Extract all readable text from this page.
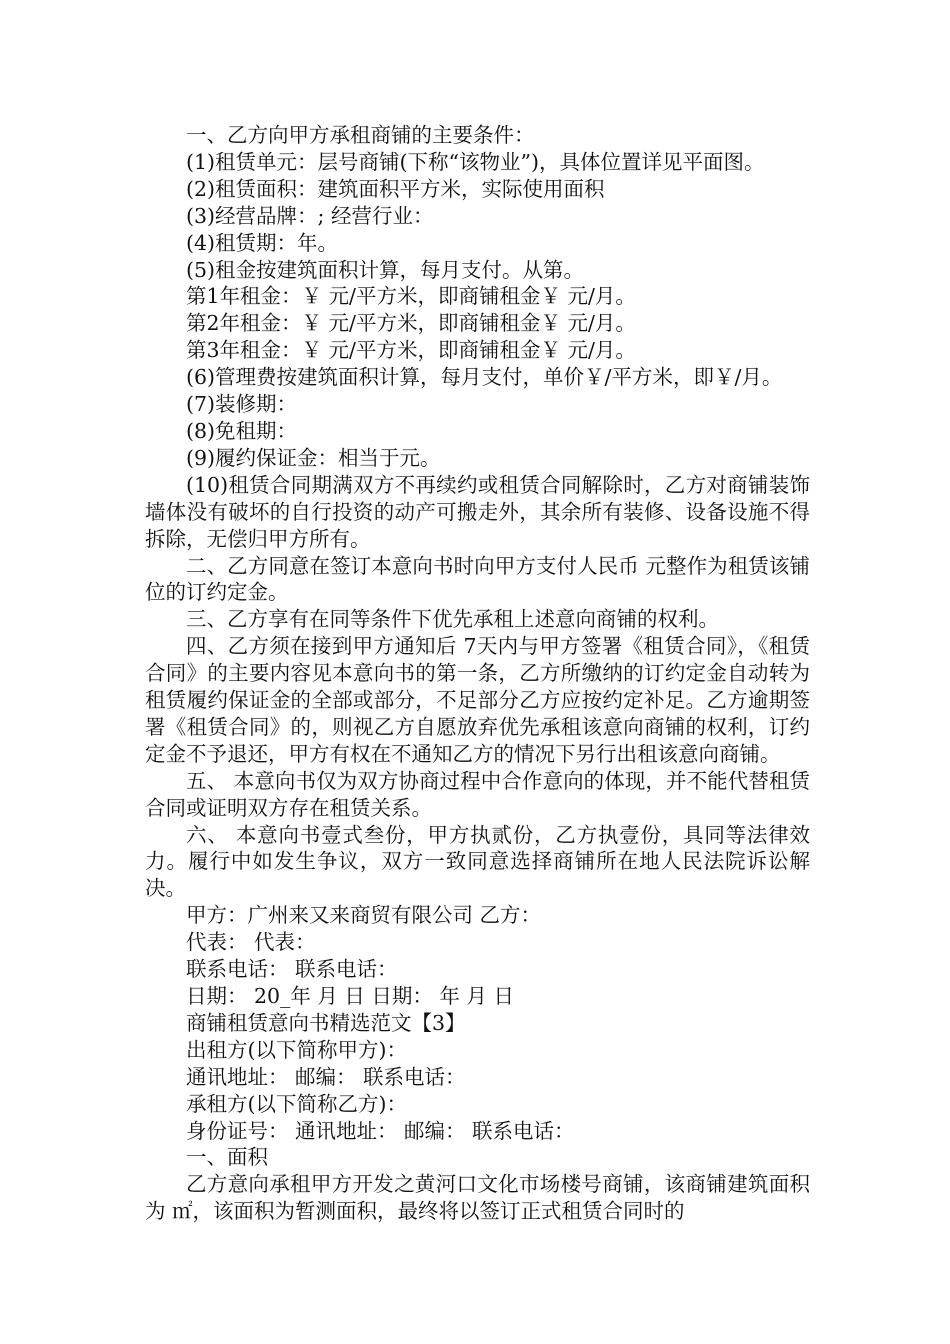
一、乙方向甲方承租商铺的主要条件：

(1)租赁单元：层号商铺(下称“该物业”)，具体位置详见平面图。

(2)租赁面积：建筑面积平方米，实际使用面积

(3)经营品牌：; 经营行业：

(4)租赁期：年。

(5)租金按建筑面积计算，每月支付。从第。

第1年租金：￥ 元/平方米，即商铺租金￥ 元/月。

第2年租金：￥ 元/平方米，即商铺租金￥ 元/月。

第3年租金：￥ 元/平方米，即商铺租金￥ 元/月。

(6)管理费按建筑面积计算，每月支付，单价￥/平方米，即￥/月。

(7)装修期：

(8)免租期：

(9)履约保证金：相当于元。

(10)租赁合同期满双方不再续约或租赁合同解除时，乙方对商铺装饰墙体没有破坏的自行投资的动产可搬走外，其余所有装修、设备设施不得拆除，无偿归甲方所有。

二、乙方同意在签订本意向书时向甲方支付人民币 元整作为租赁该铺位的订约定金。

三、乙方享有在同等条件下优先承租上述意向商铺的权利。

四、乙方须在接到甲方通知后 7天内与甲方签署《租赁合同》，《租赁合同》的主要内容见本意向书的第一条，乙方所缴纳的订约定金自动转为租赁履约保证金的全部或部分，不足部分乙方应按约定补足。乙方逾期签署《租赁合同》的，则视乙方自愿放弃优先承租该意向商铺的权利，订约定金不予退还，甲方有权在不通知乙方的情况下另行出租该意向商铺。

五、 本意向书仅为双方协商过程中合作意向的体现，并不能代替租赁合同或证明双方存在租赁关系。

六、 本意向书壹式叁份，甲方执贰份，乙方执壹份，具同等法律效力。履行中如发生争议，双方一致同意选择商铺所在地人民法院诉讼解决。

甲方：广州来又来商贸有限公司 乙方：

代表： 代表：

联系电话： 联系电话：

日期： 20_年 月 日 日期： 年 月 日

商铺租赁意向书精选范文【3】

出租方(以下简称甲方)：

通讯地址： 邮编： 联系电话：

承租方(以下简称乙方)：

身份证号： 通讯地址： 邮编： 联系电话：

一、面积

乙方意向承租甲方开发之黄河口文化市场楼号商铺，该商铺建筑面积为 ㎡，该面积为暂测面积，最终将以签订正式租赁合同时的
